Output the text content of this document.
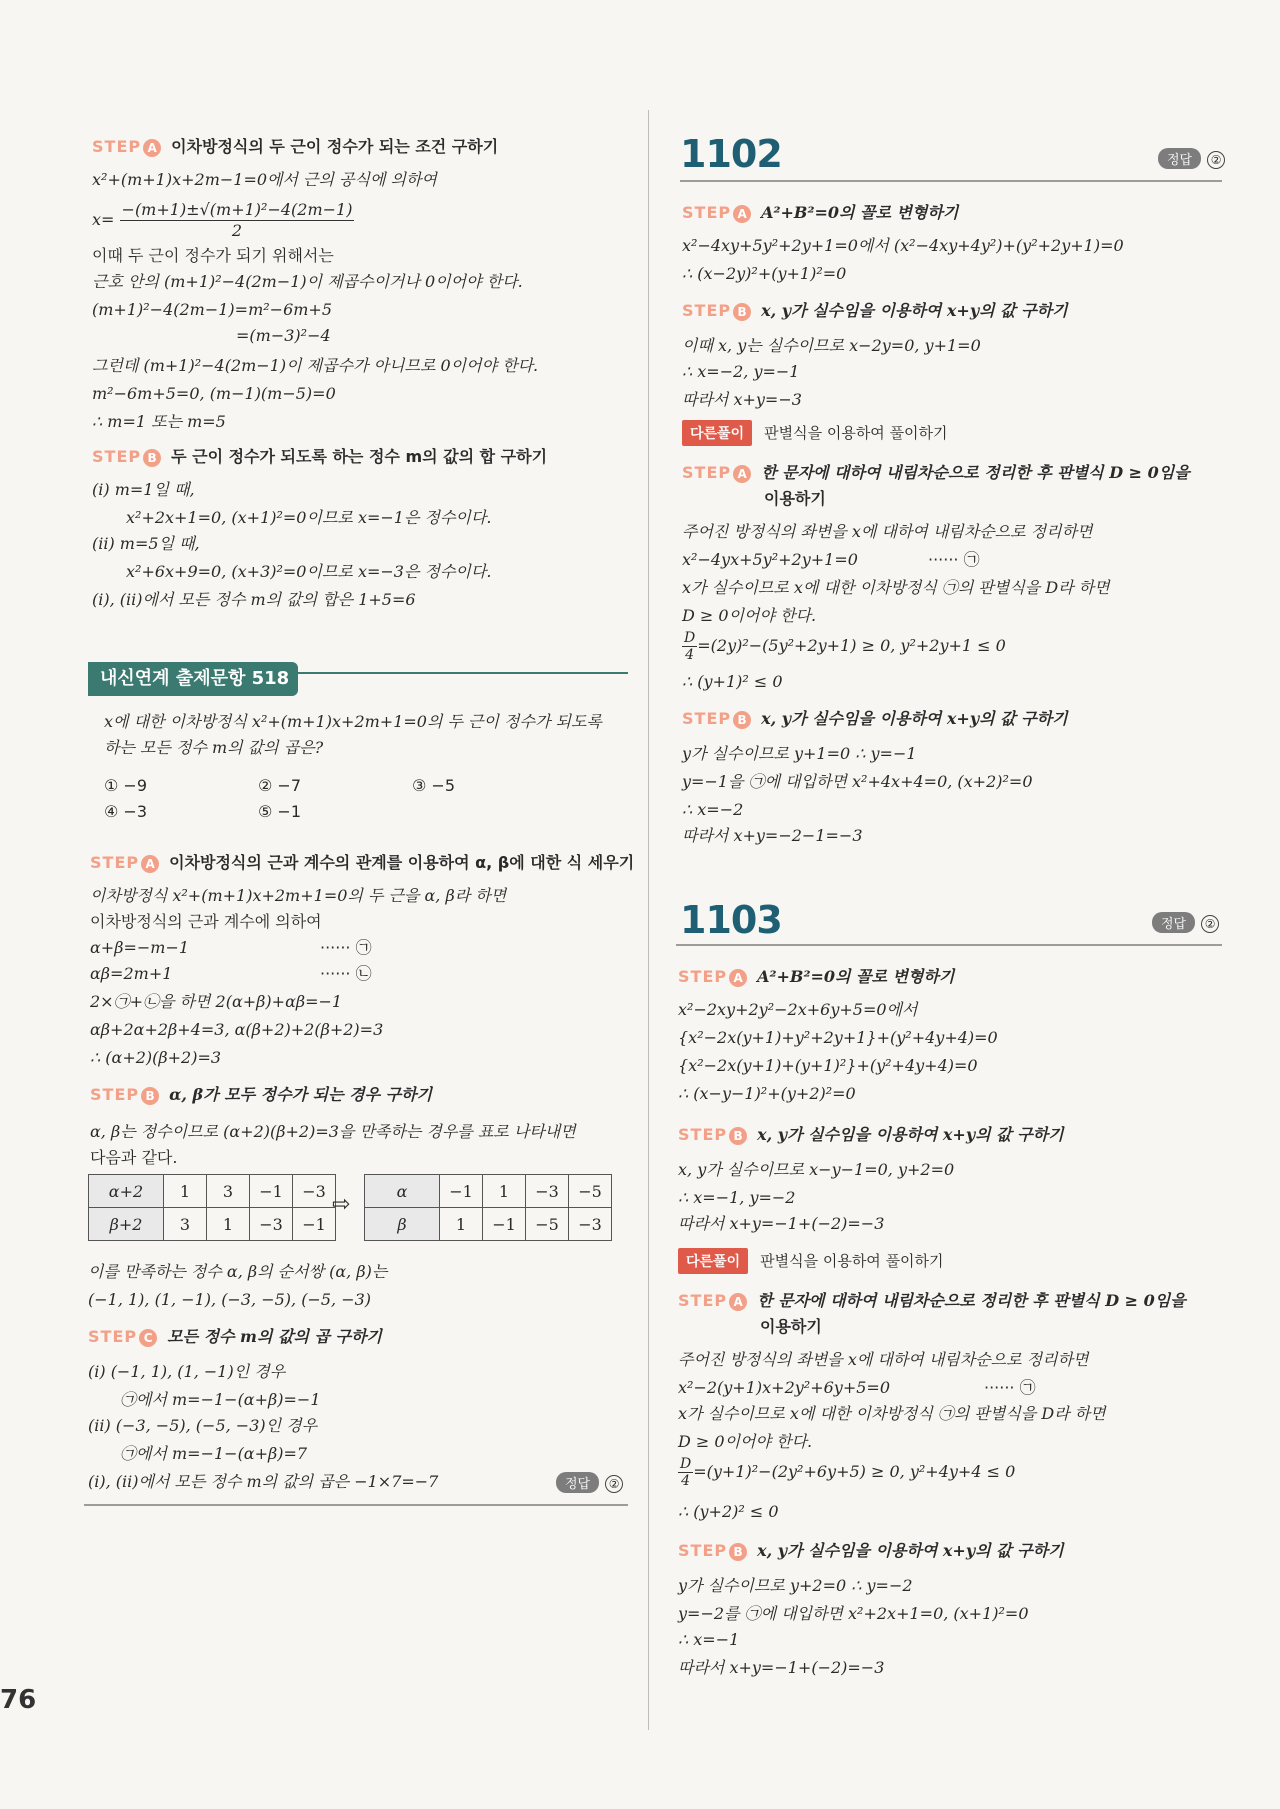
STEP A 이차방정식의 두 근이 정수가 되는 조건 구하기
x²+(m+1)x+2m−1=0에서 근의 공식에 의하여
$x= \frac{\text{−(m+1)±√(m+1)²−4(2m−1)}}{2}$
이때 두 근이 정수가 되기 위해서는
근호 안의 (m+1)²−4(2m−1)이 제곱수이거나 0이어야 한다.
(m+1)²−4(2m−1)=m²−6m+5
=(m−3)²−4
그런데 (m+1)²−4(2m−1)이 제곱수가 아니므로 0이어야 한다.
m²−6m+5=0, (m−1)(m−5)=0
∴ m=1 또는 m=5
STEP B 두 근이 정수가 되도록 하는 정수 m의 값의 합 구하기
(ⅰ) m=1일 때,
x²+2x+1=0, (x+1)²=0이므로 x=−1은 정수이다.
(ⅱ) m=5일 때,
x²+6x+9=0, (x+3)²=0이므로 x=−3은 정수이다.
(ⅰ), (ⅱ)에서 모든 정수 m의 값의 합은 1+5=6
내신연계 출제문항 518
x에 대한 이차방정식 x²+(m+1)x+2m+1=0의 두 근이 정수가 되도록
하는 모든 정수 m의 값의 곱은?
① −9	② −7	③ −5
④ −3	⑤ −1
STEP A 이차방정식의 근과 계수의 관계를 이용하여 α, β에 대한 식 세우기
이차방정식 x²+(m+1)x+2m+1=0의 두 근을 α, β라 하면
이차방정식의 근과 계수에 의하여
α+β=−m−1	······ ㉠
αβ=2m+1	······ ㉡
2×㉠+㉡을 하면 2(α+β)+αβ=−1
αβ+2α+2β+4=3, α(β+2)+2(β+2)=3
∴ (α+2)(β+2)=3
STEP B α, β가 모두 정수가 되는 경우 구하기
α, β는 정수이므로 (α+2)(β+2)=3을 만족하는 경우를 표로 나타내면
다음과 같다.
α+2	1	3	−1	−3
β+2	3	1	−3	−1
⇨
α	−1	1	−3	−5
β	1	−1	−5	−3
이를 만족하는 정수 α, β의 순서쌍 (α, β)는
(−1, 1), (1, −1), (−3, −5), (−5, −3)
STEP C 모든 정수 m의 값의 곱 구하기
(ⅰ) (−1, 1), (1, −1)인 경우
㉠에서 m=−1−(α+β)=−1
(ⅱ) (−3, −5), (−5, −3)인 경우
㉠에서 m=−1−(α+β)=7
(ⅰ), (ⅱ)에서 모든 정수 m의 값의 곱은 −1×7=−7	정답 ②
1102	정답 ②
STEP A A²+B²=0의 꼴로 변형하기
x²−4xy+5y²+2y+1=0에서 (x²−4xy+4y²)+(y²+2y+1)=0
∴ (x−2y)²+(y+1)²=0
STEP B x, y가 실수임을 이용하여 x+y의 값 구하기
이때 x, y는 실수이므로 x−2y=0, y+1=0
∴ x=−2, y=−1
따라서 x+y=−3
다른풀이 판별식을 이용하여 풀이하기
STEP A 한 문자에 대하여 내림차순으로 정리한 후 판별식 D ≥ 0임을
이용하기
주어진 방정식의 좌변을 x에 대하여 내림차순으로 정리하면
x²−4yx+5y²+2y+1=0	······ ㉠
x가 실수이므로 x에 대한 이차방정식 ㉠의 판별식을 D라 하면
D ≥ 0이어야 한다.
$\frac{D}{4} =(2y)^2-(5y^2+2y+1) \ge 0$, y²+2y+1 ≤ 0
∴ (y+1)² ≤ 0
STEP B x, y가 실수임을 이용하여 x+y의 값 구하기
y가 실수이므로 y+1=0 ∴ y=−1
y=−1을 ㉠에 대입하면 x²+4x+4=0, (x+2)²=0
∴ x=−2
따라서 x+y=−2−1=−3
1103	정답 ②
STEP A A²+B²=0의 꼴로 변형하기
x²−2xy+2y²−2x+6y+5=0에서
{x²−2x(y+1)+y²+2y+1}+(y²+4y+4)=0
{x²−2x(y+1)+(y+1)²}+(y²+4y+4)=0
∴ (x−y−1)²+(y+2)²=0
STEP B x, y가 실수임을 이용하여 x+y의 값 구하기
x, y가 실수이므로 x−y−1=0, y+2=0
∴ x=−1, y=−2
따라서 x+y=−1+(−2)=−3
다른풀이 판별식을 이용하여 풀이하기
STEP A 한 문자에 대하여 내림차순으로 정리한 후 판별식 D ≥ 0임을
이용하기
주어진 방정식의 좌변을 x에 대하여 내림차순으로 정리하면
x²−2(y+1)x+2y²+6y+5=0	······ ㉠
x가 실수이므로 x에 대한 이차방정식 ㉠의 판별식을 D라 하면
D ≥ 0이어야 한다.
$\frac{D}{4} =(y+1)^2-(2y^2+6y+5) \ge 0$, y²+4y+4 ≤ 0
∴ (y+2)² ≤ 0
STEP B x, y가 실수임을 이용하여 x+y의 값 구하기
y가 실수이므로 y+2=0 ∴ y=−2
y=−2를 ㉠에 대입하면 x²+2x+1=0, (x+1)²=0
∴ x=−1
따라서 x+y=−1+(−2)=−3
76
